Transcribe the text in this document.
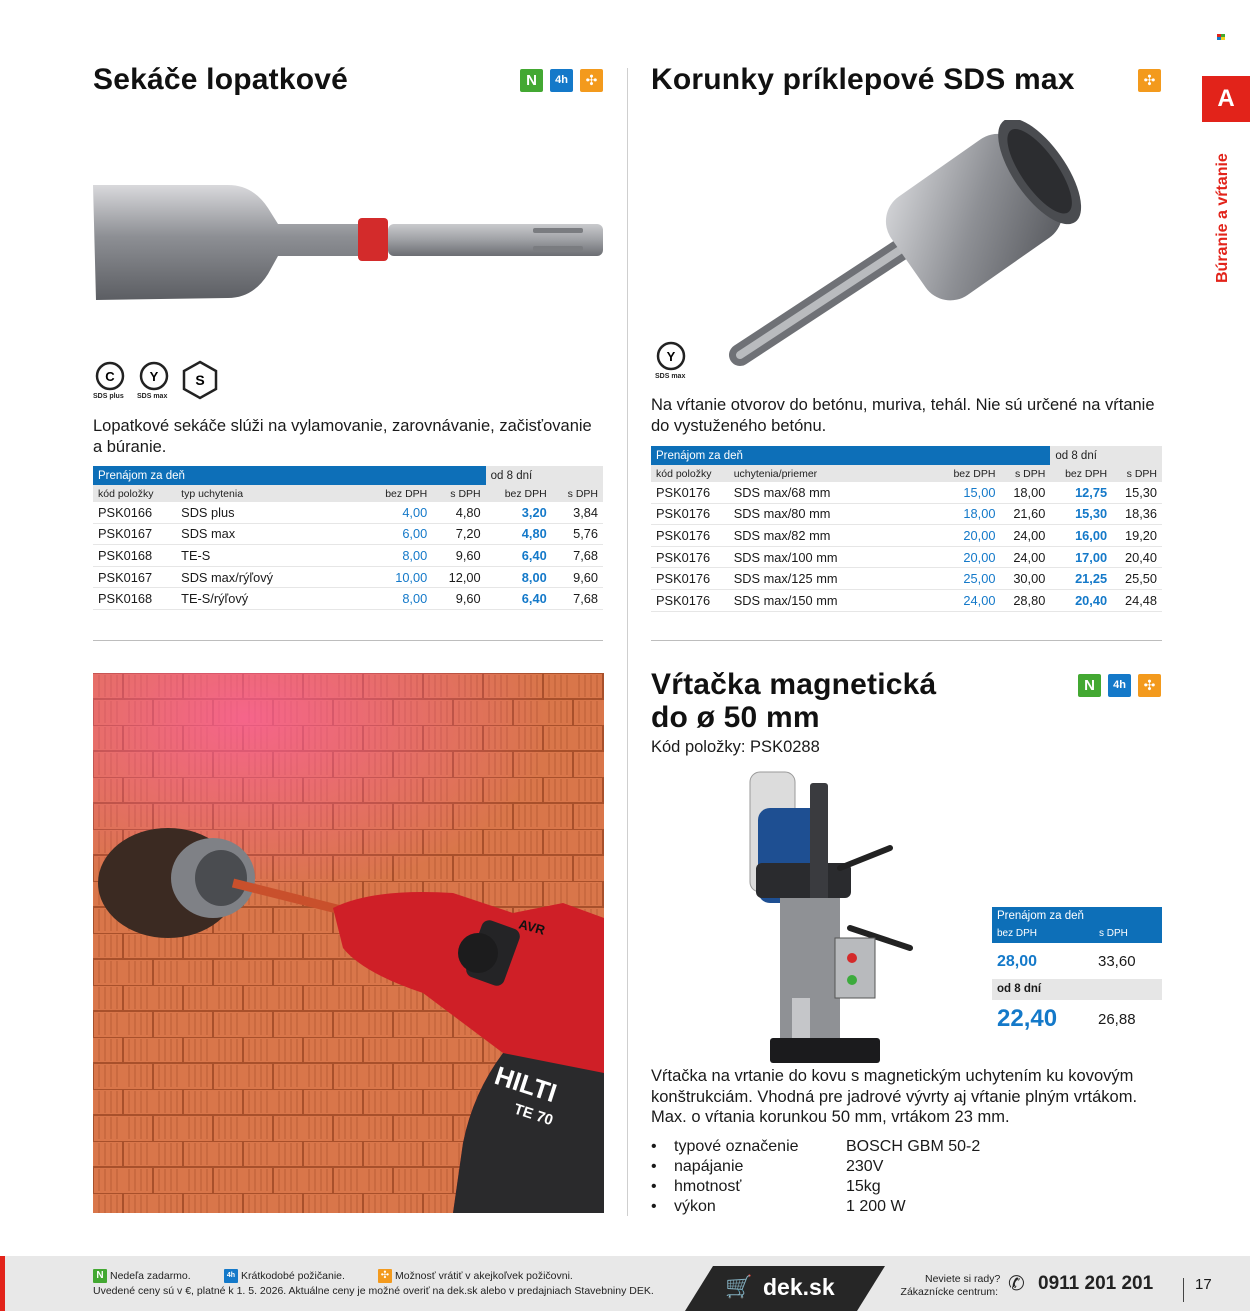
A
Búranie a vŕtanie
Sekáče lopatkové	N	4h	✣
C
SDS plus
Y
SDS max
S
Lopatkové sekáče slúži na vylamovanie, zarovnávanie, začisťovanie a búranie.
Prenájom za deň				od 8 dní	
kód položky	typ uchytenia	bez DPH	s DPH	bez DPH	s DPH
PSK0166	SDS plus	4,00	4,80	3,20	3,84
PSK0167	SDS max	6,00	7,20	4,80	5,76
PSK0168	TE-S	8,00	9,60	6,40	7,68
PSK0167	SDS max/rýľový	10,00	12,00	8,00	9,60
PSK0168	TE-S/rýľový	8,00	9,60	6,40	7,68
Korunky príklepové SDS max	✣
Y
SDS max
Na vŕtanie otvorov do betónu, muriva, tehál. Nie sú určené na vŕtanie do vystuženého betónu.
Prenájom za deň				od 8 dní	
kód položky	uchytenia/priemer	bez DPH	s DPH	bez DPH	s DPH
PSK0176	SDS max/68 mm	15,00	18,00	12,75	15,30
PSK0176	SDS max/80 mm	18,00	21,60	15,30	18,36
PSK0176	SDS max/82 mm	20,00	24,00	16,00	19,20
PSK0176	SDS max/100 mm	20,00	24,00	17,00	20,40
PSK0176	SDS max/125 mm	25,00	30,00	21,25	25,50
PSK0176	SDS max/150 mm	24,00	28,80	20,40	24,48
HILTI
TE 70
AVR
Vŕtačka magnetická
do ø 50 mm
N	4h	✣
Kód položky: PSK0288
Prenájom za deň
bez DPH	s DPH
28,00	33,60
od 8 dní
22,40	26,88
Vŕtačka na vrtanie do kovu s magnetickým uchytením ku kovovým konštrukciám. Vhodná pre jadrové vývrty aj vŕtanie plným vrtákom. Max. o vŕtania korunkou 50 mm, vrtákom 23 mm.
• typové označenie	BOSCH GBM 50-2
• napájanie	230V
• hmotnosť	15kg
• výkon	1 200 W
N Nedeľa zadarmo.	4h Krátkodobé požičanie.	✣ Možnosť vrátiť v akejkoľvek požičovni.
Uvedené ceny sú v €, platné k 1. 5. 2026. Aktuálne ceny je možné overiť na dek.sk alebo v predajniach Stavebniny DEK.	🛒 dek.sk	Neviete si rady?
Zákaznícke centrum: ✆ 0911 201 201	17
